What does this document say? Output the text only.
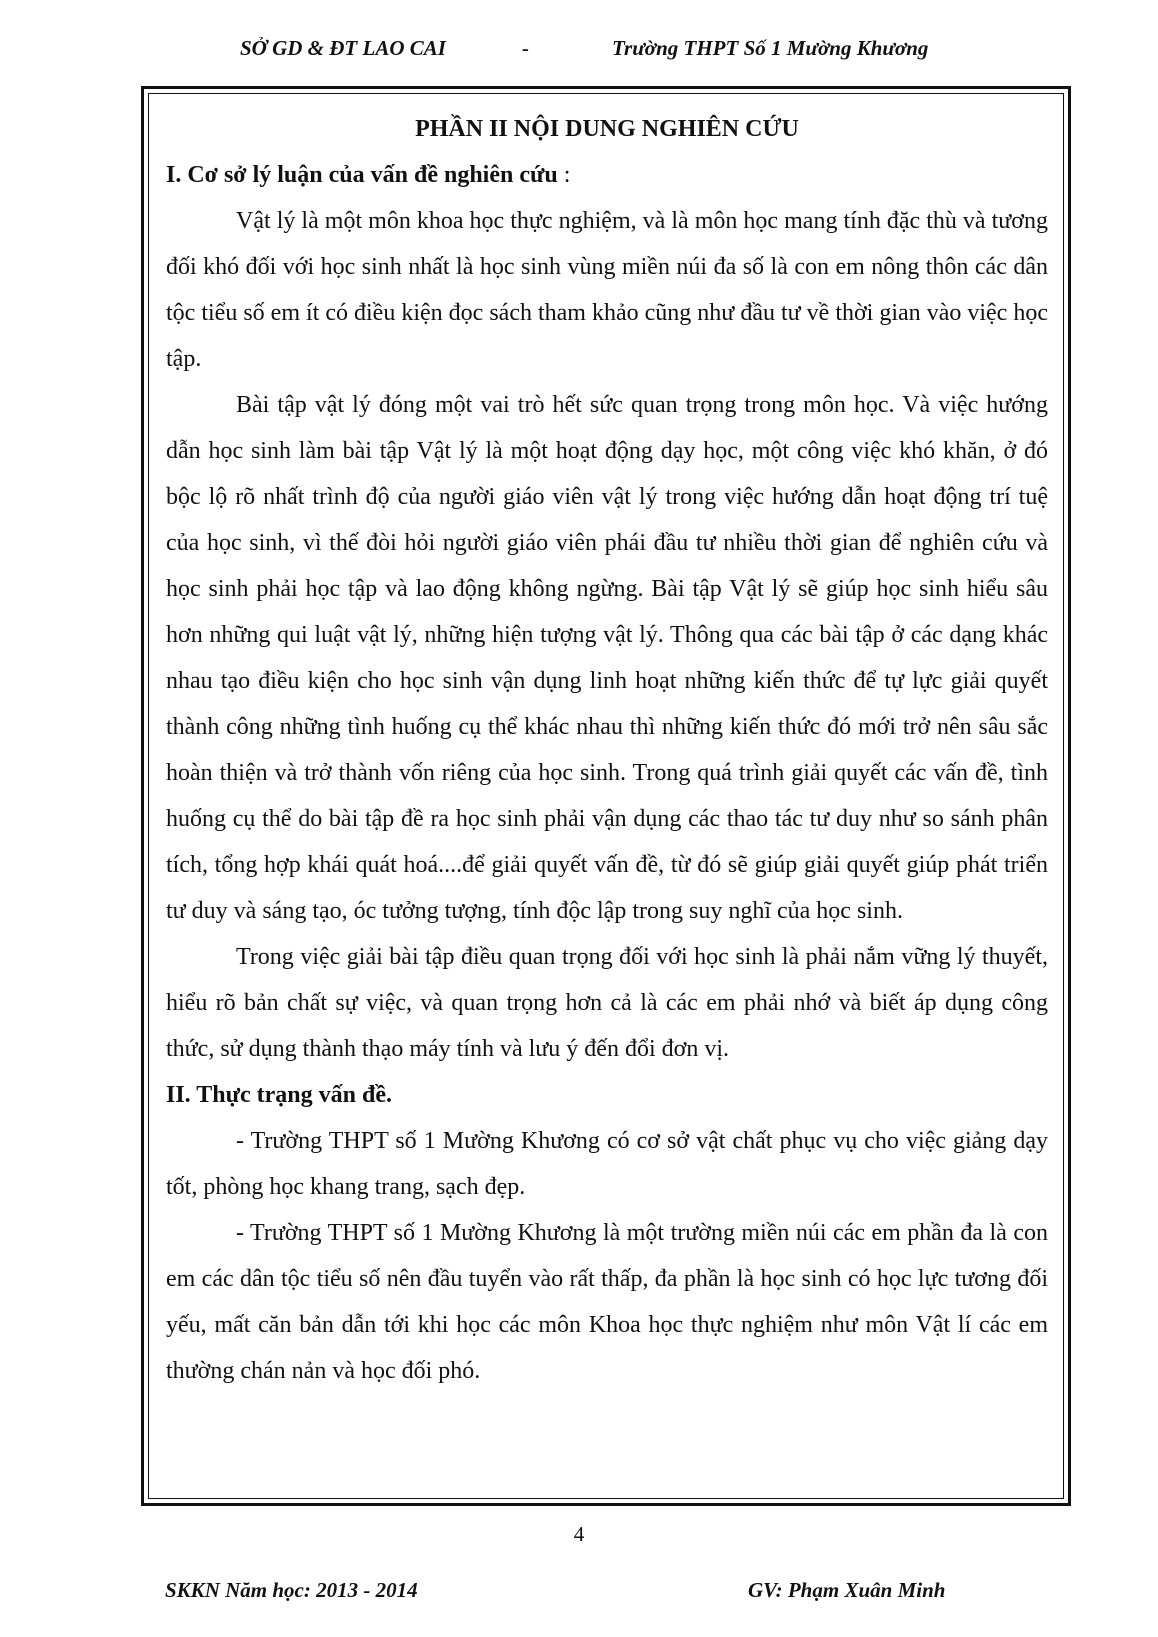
SỞ GD & ĐT LAO CAI	-	Trường THPT Số 1 Mường Khương

PHẦN II NỘI DUNG NGHIÊN CỨU

I. Cơ sở lý luận của vấn đề nghiên cứu :

Vật lý là một môn khoa học thực nghiệm, và là môn học mang tính đặc thù và tương đối khó đối với học sinh nhất là học sinh vùng miền núi đa số là con em nông thôn các dân tộc tiểu số em ít có điều kiện đọc sách tham khảo cũng như đầu tư về thời gian vào việc học tập.

Bài tập vật lý đóng một vai trò hết sức quan trọng trong môn học. Và việc hướng dẫn học sinh làm bài tập Vật lý là một hoạt động dạy học, một công việc khó khăn, ở đó bộc lộ rõ nhất trình độ của người giáo viên vật lý trong việc hướng dẫn hoạt động trí tuệ của học sinh, vì thế đòi hỏi người giáo viên phái đầu tư nhiều thời gian để nghiên cứu và học sinh phải học tập và lao động không ngừng. Bài tập Vật lý sẽ giúp học sinh hiểu sâu hơn những qui luật vật lý, những hiện tượng vật lý. Thông qua các bài tập ở các dạng khác nhau tạo điều kiện cho học sinh vận dụng linh hoạt những kiến thức để tự lực giải quyết thành công những tình huống cụ thể khác nhau thì những kiến thức đó mới trở nên sâu sắc hoàn thiện và trở thành vốn riêng của học sinh. Trong quá trình giải quyết các vấn đề, tình huống cụ thể do bài tập đề ra học sinh phải vận dụng các thao tác tư duy như so sánh phân tích, tổng hợp khái quát hoá....để giải quyết vấn đề, từ đó sẽ giúp giải quyết giúp phát triển tư duy và sáng tạo, óc tưởng tượng, tính độc lập trong suy nghĩ của học sinh.

Trong việc giải bài tập điều quan trọng đối với học sinh là phải nắm vững lý thuyết, hiểu rõ bản chất sự việc, và quan trọng hơn cả là các em phải nhớ và biết áp dụng công thức, sử dụng thành thạo máy tính và lưu ý đến đổi đơn vị.

II. Thực trạng vấn đề.

- Trường THPT số 1 Mường Khương có cơ sở vật chất phục vụ cho việc giảng dạy tốt, phòng học khang trang, sạch đẹp.

- Trường THPT số 1 Mường Khương là một trường miền núi các em phần đa là con em các dân tộc tiểu số nên đầu tuyển vào rất thấp, đa phần là học sinh có học lực tương đối yếu, mất căn bản dẫn tới khi học các môn Khoa học thực nghiệm như môn Vật lí các em thường chán nản và học đối phó.

4
SKKN Năm học: 2013 - 2014	GV: Phạm Xuân Minh
